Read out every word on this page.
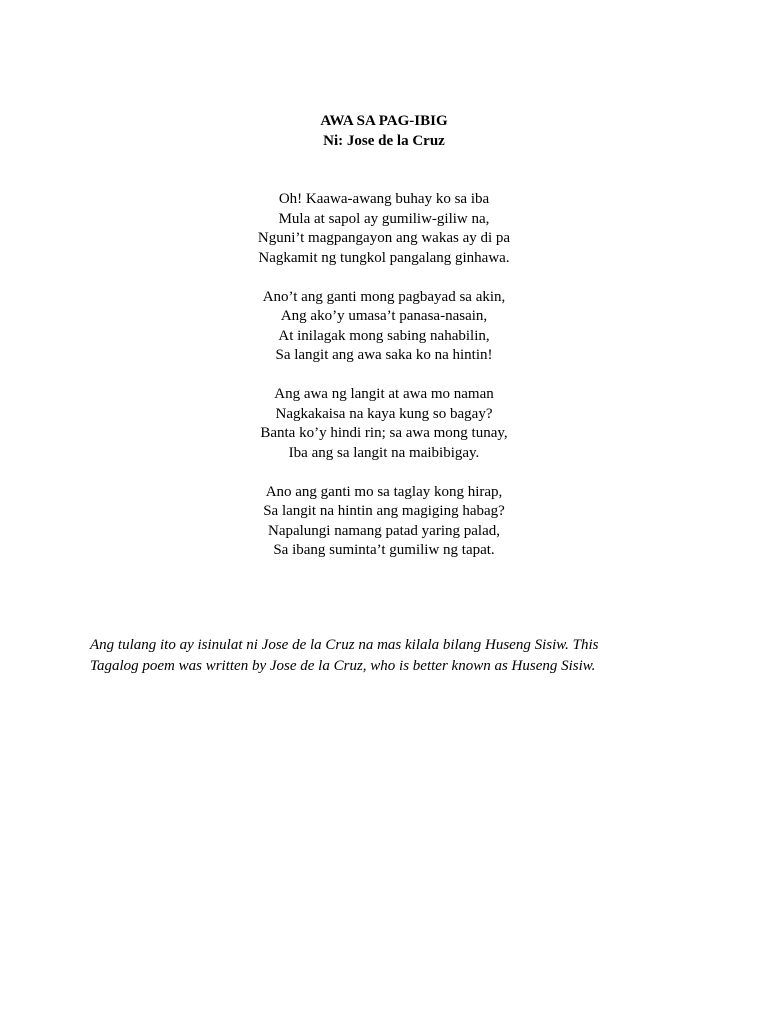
AWA SA PAG-IBIG
Ni: Jose de la Cruz
Oh! Kaawa-awang buhay ko sa iba
Mula at sapol ay gumiliw-giliw na,
Nguni’t magpangayon ang wakas ay di pa
Nagkamit ng tungkol pangalang ginhawa.
Ano’t ang ganti mong pagbayad sa akin,
Ang ako’y umasa’t panasa-nasain,
At inilagak mong sabing nahabilin,
Sa langit ang awa saka ko na hintin!
Ang awa ng langit at awa mo naman
Nagkakaisa na kaya kung so bagay?
Banta ko’y hindi rin; sa awa mong tunay,
Iba ang sa langit na maibibigay.
Ano ang ganti mo sa taglay kong hirap,
Sa langit na hintin ang magiging habag?
Napalungi namang patad yaring palad,
Sa ibang suminta’t gumiliw ng tapat.
Ang tulang ito ay isinulat ni Jose de la Cruz na mas kilala bilang Huseng Sisiw. This
Tagalog poem was written by Jose de la Cruz, who is better known as Huseng Sisiw.
